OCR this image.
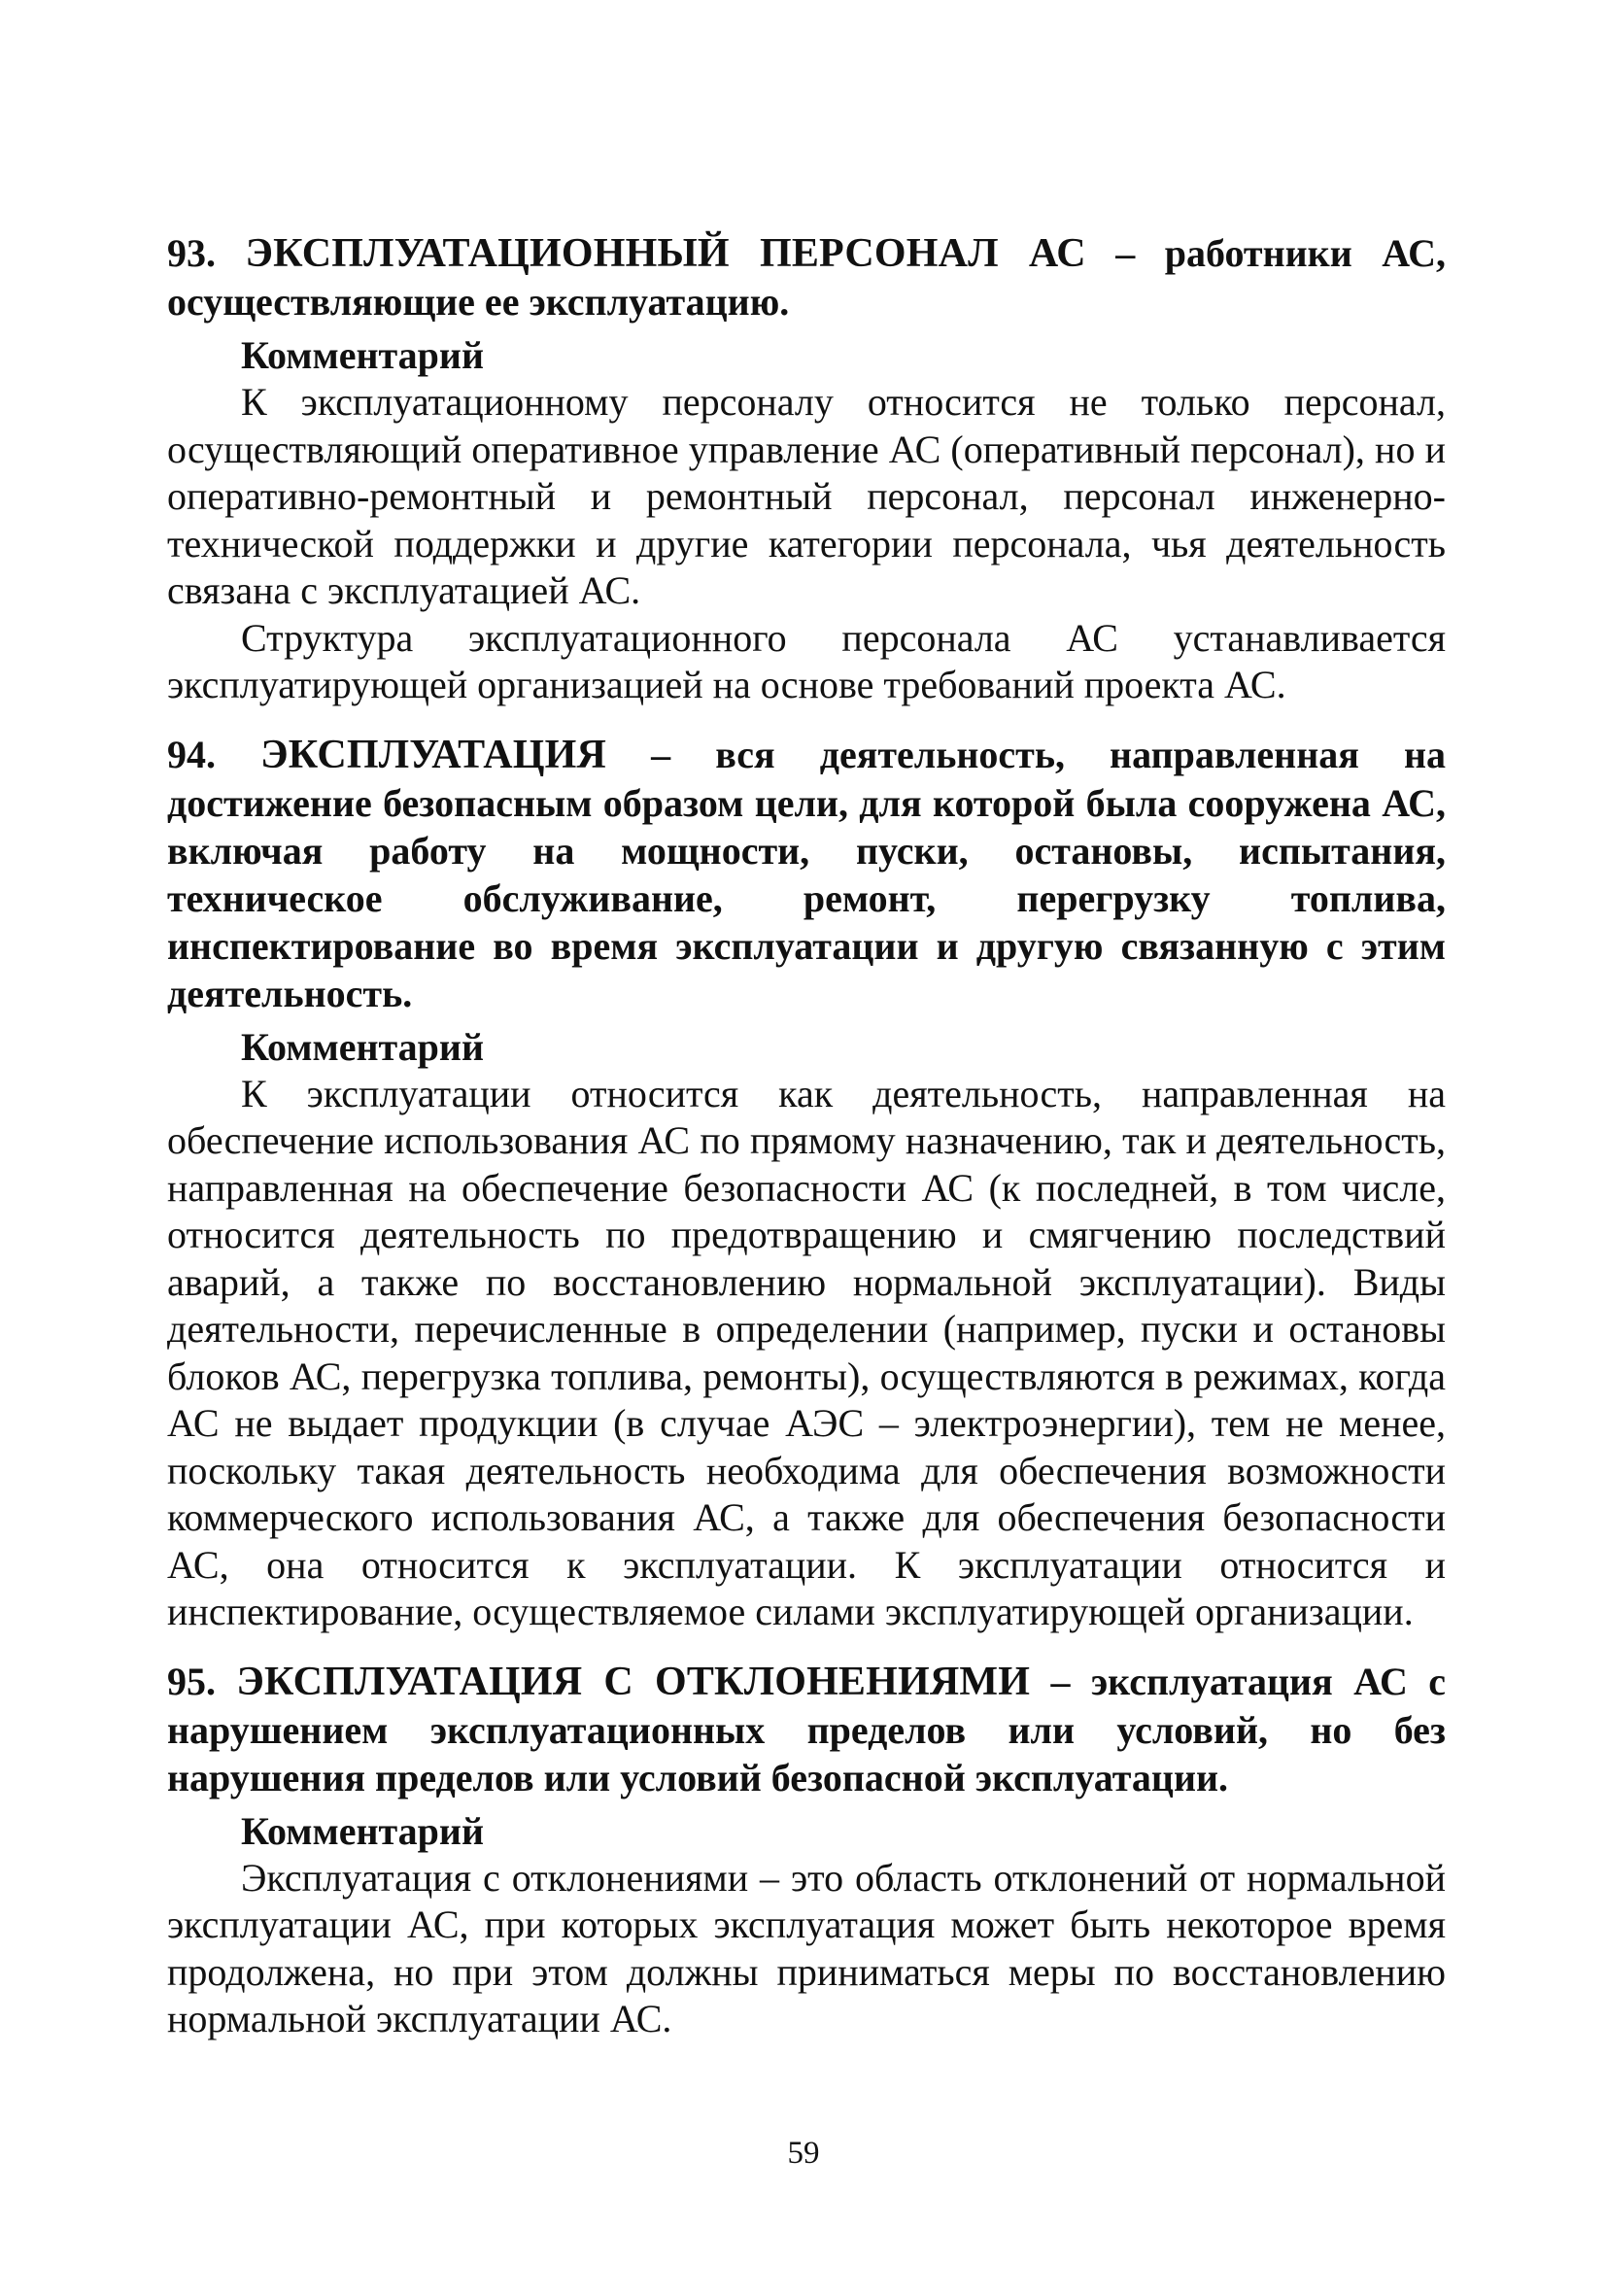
93. ЭКСПЛУАТАЦИОННЫЙ ПЕРСОНАЛ АС – работники АС, осуществляющие ее эксплуатацию.

Комментарий

К эксплуатационному персоналу относится не только персонал, осуществляющий оперативное управление АС (оперативный персонал), но и оперативно-ремонтный и ремонтный персонал, персонал инженерно-технической поддержки и другие категории персонала, чья деятельность связана с эксплуатацией АС.

Структура эксплуатационного персонала АС устанавливается эксплуатирующей организацией на основе требований проекта АС.

94. ЭКСПЛУАТАЦИЯ – вся деятельность, направленная на достижение безопасным образом цели, для которой была сооружена АС, включая работу на мощности, пуски, остановы, испытания, техническое обслуживание, ремонт, перегрузку топлива, инспектирование во время эксплуатации и другую связанную с этим деятельность.

Комментарий

К эксплуатации относится как деятельность, направленная на обеспечение использования АС по прямому назначению, так и деятельность, направленная на обеспечение безопасности АС (к последней, в том числе, относится деятельность по предотвращению и смягчению последствий аварий, а также по восстановлению нормальной эксплуатации). Виды деятельности, перечисленные в определении (например, пуски и остановы блоков АС, перегрузка топлива, ремонты), осуществляются в режимах, когда АС не выдает продукции (в случае АЭС – электроэнергии), тем не менее, поскольку такая деятельность необходима для обеспечения возможности коммерческого использования АС, а также для обеспечения безопасности АС, она относится к эксплуатации. К эксплуатации относится и инспектирование, осуществляемое силами эксплуатирующей организации.

95. ЭКСПЛУАТАЦИЯ С ОТКЛОНЕНИЯМИ – эксплуатация АС с нарушением эксплуатационных пределов или условий, но без нарушения пределов или условий безопасной эксплуатации.

Комментарий

Эксплуатация с отклонениями – это область отклонений от нормальной эксплуатации АС, при которых эксплуатация может быть некоторое время продолжена, но при этом должны приниматься меры по восстановлению нормальной эксплуатации АС.

59
